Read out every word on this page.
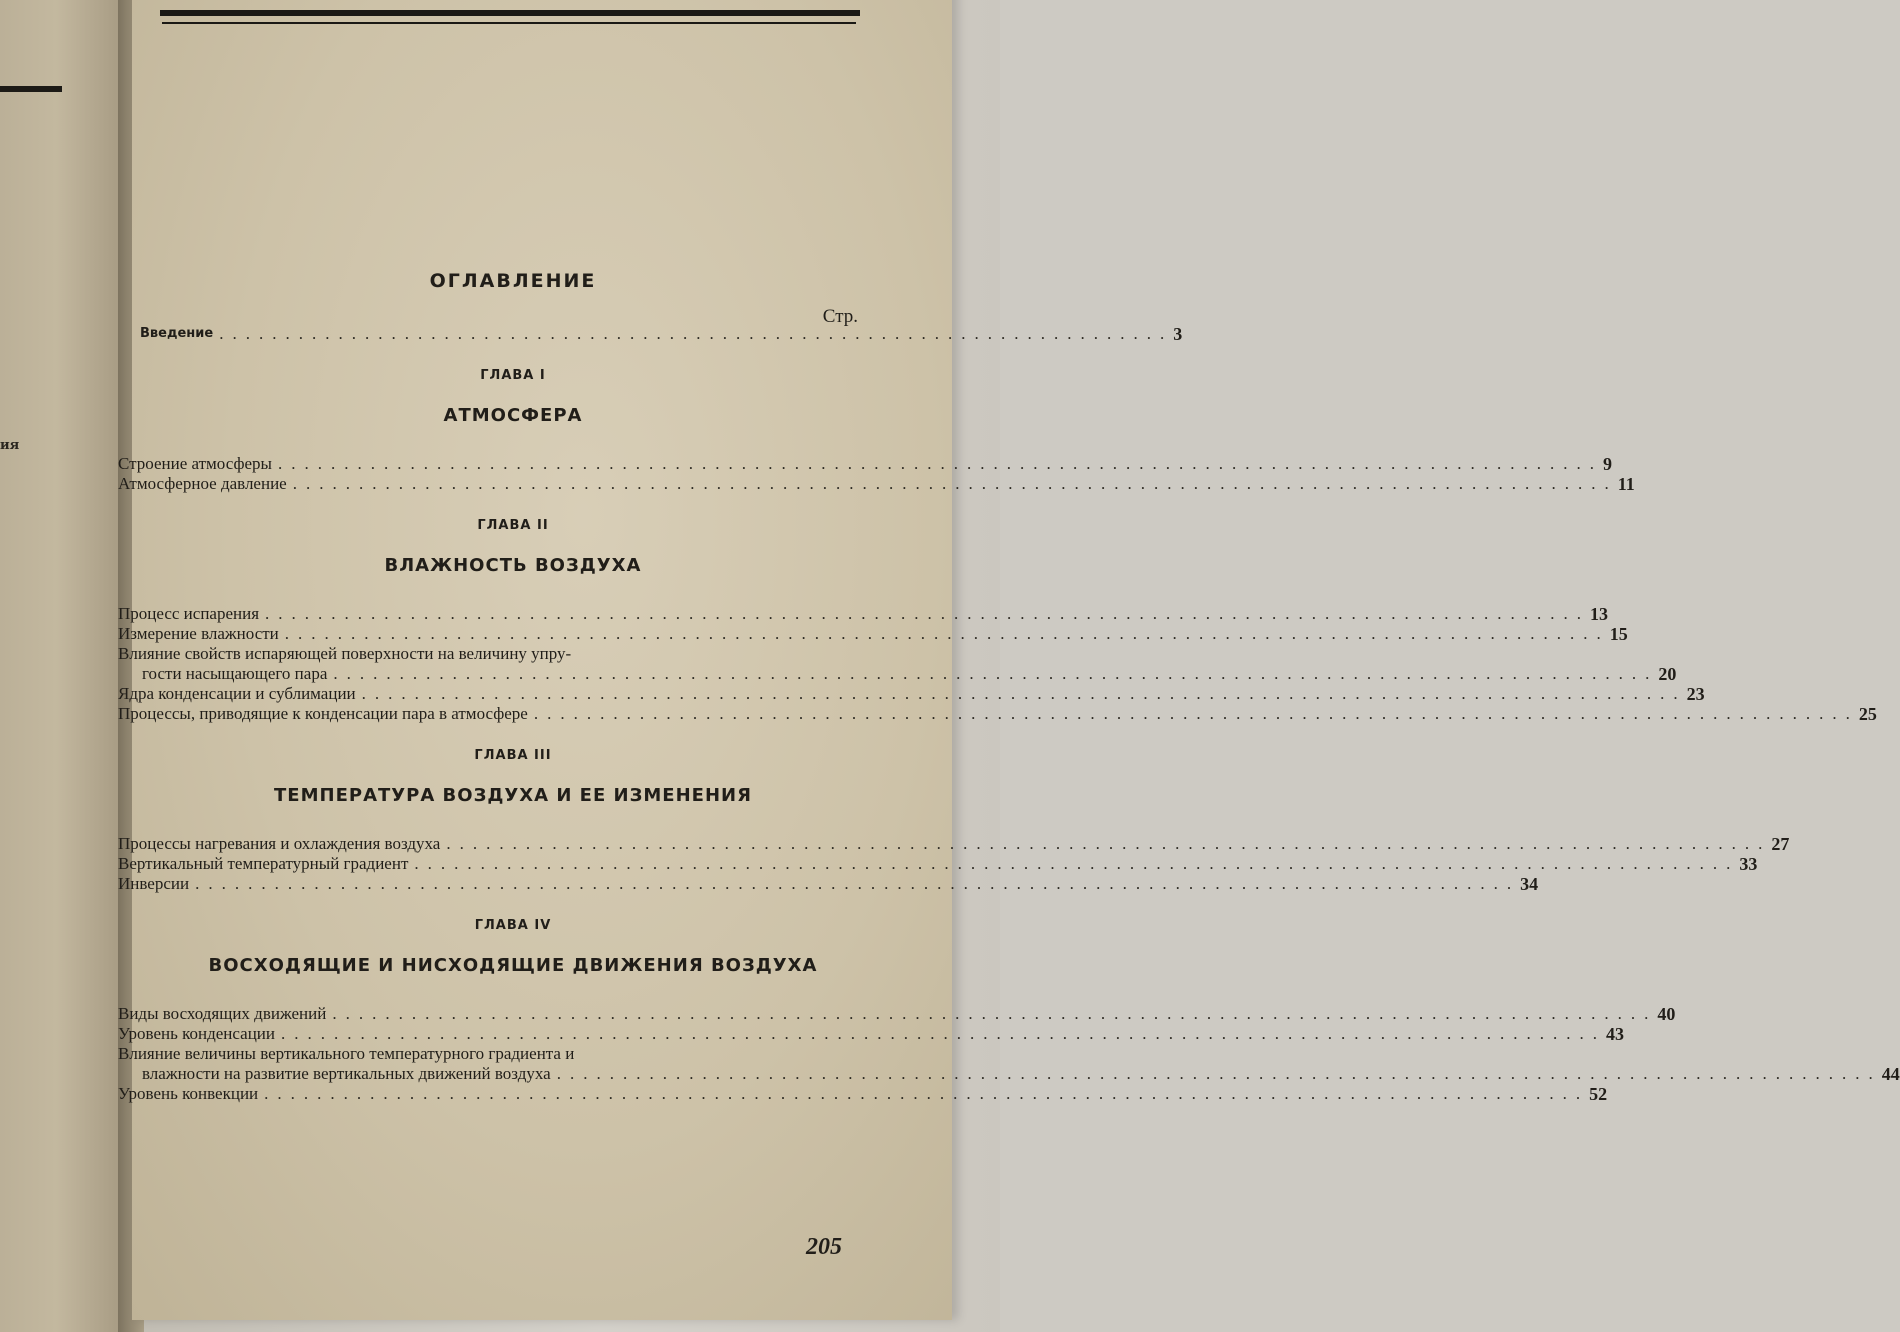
ия
ОГЛАВЛЕНИЕ
Стр.
Введение ........................................................................ 3
ГЛАВА I
АТМОСФЕРА
Строение атмосферы .................................................................................................... 9
Атмосферное давление .................................................................................................... 11
ГЛАВА II
ВЛАЖНОСТЬ ВОЗДУХА
Процесс испарения .................................................................................................... 13
Измерение влажности .................................................................................................... 15
Влияние свойств испаряющей поверхности на величину упру-
гости насыщающего пара .................................................................................................... 20
Ядра конденсации и сублимации .................................................................................................... 23
Процессы, приводящие к конденсации пара в атмосфере .................................................................................................... 25
ГЛАВА III
ТЕМПЕРАТУРА ВОЗДУХА И ЕЕ ИЗМЕНЕНИЯ
Процессы нагревания и охлаждения воздуха .................................................................................................... 27
Вертикальный температурный градиент .................................................................................................... 33
Инверсии .................................................................................................... 34
ГЛАВА IV
ВОСХОДЯЩИЕ И НИСХОДЯЩИЕ ДВИЖЕНИЯ ВОЗДУХА
Виды восходящих движений .................................................................................................... 40
Уровень конденсации .................................................................................................... 43
Влияние величины вертикального температурного градиента и
влажности на развитие вертикальных движений воздуха .................................................................................................... 44
Уровень конвекции .................................................................................................... 52
205
